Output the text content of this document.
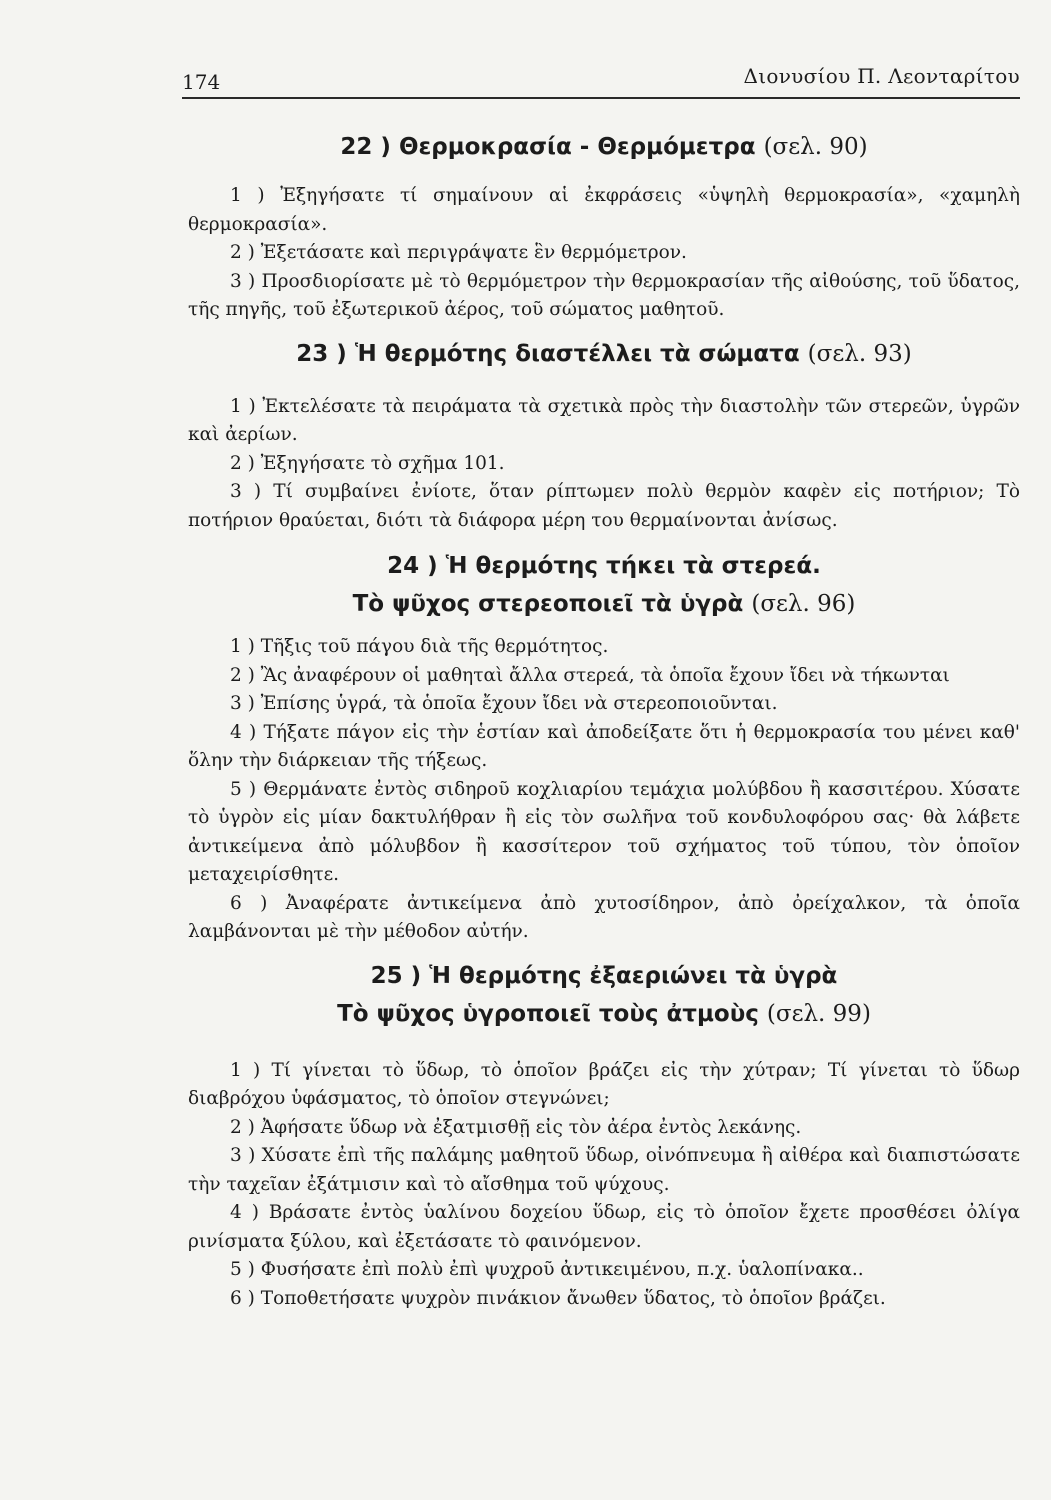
174	Διονυσίου Π. Λεονταρίτου

22 ) Θερμοκρασία - Θερμόμετρα (σελ. 90)

1 ) Ἐξηγήσατε τί σημαίνουν αἱ ἐκφράσεις «ὑψηλὴ θερμοκρασία», «χαμηλὴ θερμοκρασία».

2 ) Ἐξετάσατε καὶ περιγράψατε ἓν θερμόμετρον.

3 ) Προσδιορίσατε μὲ τὸ θερμόμετρον τὴν θερμοκρασίαν τῆς αἰθούσης, τοῦ ὕδατος, τῆς πηγῆς, τοῦ ἐξωτερικοῦ ἀέρος, τοῦ σώματος μαθητοῦ.

23 ) Ἡ θερμότης διαστέλλει τὰ σώματα (σελ. 93)

1 ) Ἐκτελέσατε τὰ πειράματα τὰ σχετικὰ πρὸς τὴν διαστολὴν τῶν στερεῶν, ὑγρῶν καὶ ἀερίων.

2 ) Ἐξηγήσατε τὸ σχῆμα 101.

3 ) Τί συμβαίνει ἐνίοτε, ὅταν ρίπτωμεν πολὺ θερμὸν καφὲν εἰς ποτήριον; Τὸ ποτήριον θραύεται, διότι τὰ διάφορα μέρη του θερμαίνονται ἀνίσως.

24 ) Ἡ θερμότης τήκει τὰ στερεά.

Τὸ ψῦχος στερεοποιεῖ τὰ ὑγρὰ (σελ. 96)

1 ) Τῆξις τοῦ πάγου διὰ τῆς θερμότητος.

2 ) Ἂς ἀναφέρουν οἱ μαθηταὶ ἄλλα στερεά, τὰ ὁποῖα ἔχουν ἴδει νὰ τήκωνται

3 ) Ἐπίσης ὑγρά, τὰ ὁποῖα ἔχουν ἴδει νὰ στερεοποιοῦνται.

4 ) Τήξατε πάγον εἰς τὴν ἑστίαν καὶ ἀποδείξατε ὅτι ἡ θερμοκρασία του μένει καθ' ὅλην τὴν διάρκειαν τῆς τήξεως.

5 ) Θερμάνατε ἐντὸς σιδηροῦ κοχλιαρίου τεμάχια μολύβδου ἢ κασσιτέρου. Χύσατε τὸ ὑγρὸν εἰς μίαν δακτυλήθραν ἢ εἰς τὸν σωλῆνα τοῦ κονδυλοφόρου σας· θὰ λάβετε ἀντικείμενα ἀπὸ μόλυβδον ἢ κασσίτερον τοῦ σχήματος τοῦ τύπου, τὸν ὁποῖον μεταχειρίσθητε.

6 ) Ἀναφέρατε ἀντικείμενα ἀπὸ χυτοσίδηρον, ἀπὸ ὀρείχαλκον, τὰ ὁποῖα λαμβάνονται μὲ τὴν μέθοδον αὐτήν.

25 ) Ἡ θερμότης ἐξαεριώνει τὰ ὑγρὰ

Τὸ ψῦχος ὑγροποιεῖ τοὺς ἀτμοὺς (σελ. 99)

1 ) Τί γίνεται τὸ ὕδωρ, τὸ ὁποῖον βράζει εἰς τὴν χύτραν; Τί γίνεται τὸ ὕδωρ διαβρόχου ὑφάσματος, τὸ ὁποῖον στεγνώνει;

2 ) Ἀφήσατε ὕδωρ νὰ ἐξατμισθῇ εἰς τὸν ἀέρα ἐντὸς λεκάνης.

3 ) Χύσατε ἐπὶ τῆς παλάμης μαθητοῦ ὕδωρ, οἰνόπνευμα ἢ αἰθέρα καὶ διαπιστώσατε τὴν ταχεῖαν ἐξάτμισιν καὶ τὸ αἴσθημα τοῦ ψύχους.

4 ) Βράσατε ἐντὸς ὑαλίνου δοχείου ὕδωρ, εἰς τὸ ὁποῖον ἔχετε προσθέσει ὀλίγα ρινίσματα ξύλου, καὶ ἐξετάσατε τὸ φαινόμενον.

5 ) Φυσήσατε ἐπὶ πολὺ ἐπὶ ψυχροῦ ἀντικειμένου, π.χ. ὑαλοπίνακα..

6 ) Τοποθετήσατε ψυχρὸν πινάκιον ἄνωθεν ὕδατος, τὸ ὁποῖον βράζει.
